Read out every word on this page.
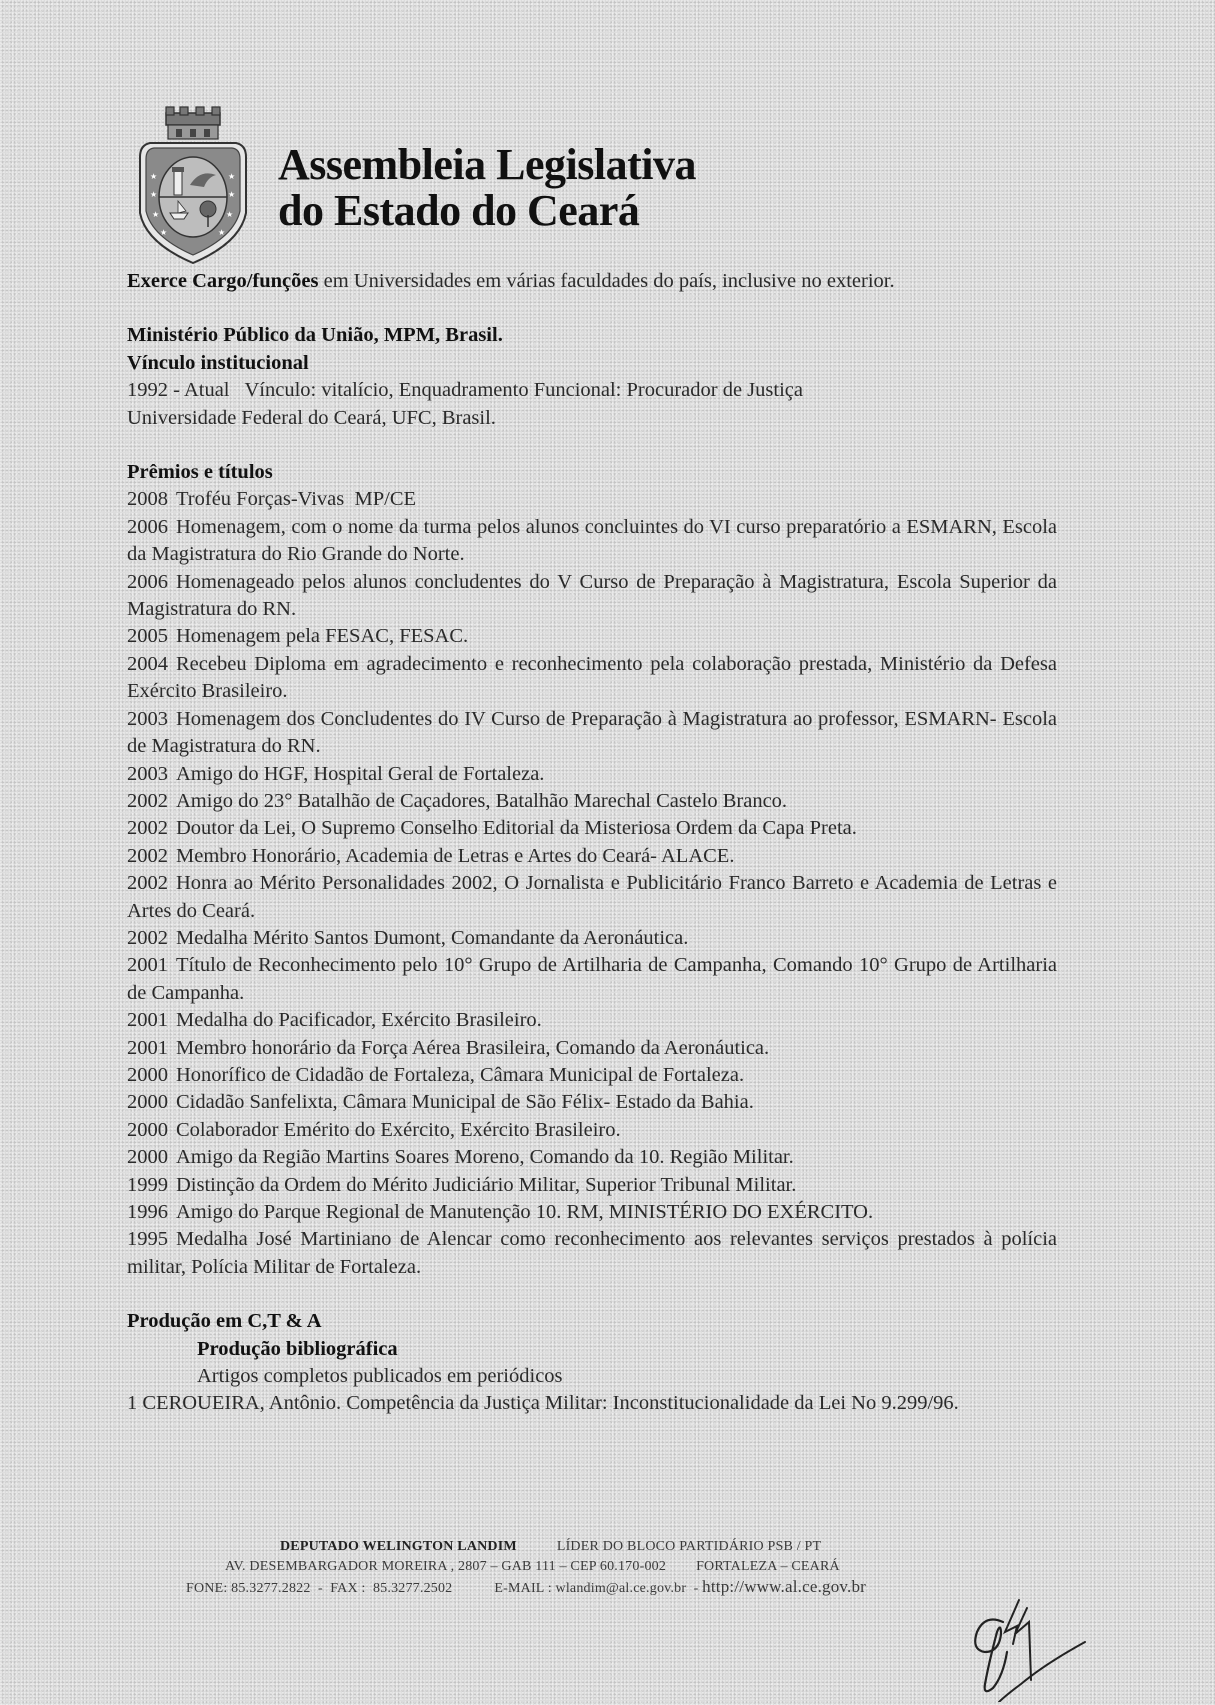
★
★
★
★
★
★
★
★
Assembleia Legislativa
do Estado do Ceará

Exerce Cargo/funções em Universidades em várias faculdades do país, inclusive no exterior.

Ministério Público da União, MPM, Brasil.

Vínculo institucional

1992 - Atual   Vínculo: vitalício, Enquadramento Funcional: Procurador de Justiça

Universidade Federal do Ceará, UFC, Brasil.

Prêmios e títulos

2008 Troféu Forças-Vivas  MP/CE

2006 Homenagem, com o nome da turma pelos alunos concluintes do VI curso preparatório a ESMARN, Escola da Magistratura do Rio Grande do Norte.

2006 Homenageado pelos alunos concludentes do V Curso de Preparação à Magistratura, Escola Superior da Magistratura do RN.

2005 Homenagem pela FESAC, FESAC.

2004 Recebeu Diploma em agradecimento e reconhecimento pela colaboração prestada, Ministério da Defesa Exército Brasileiro.

2003 Homenagem dos Concludentes do IV Curso de Preparação à Magistratura ao professor, ESMARN- Escola de Magistratura do RN.

2003 Amigo do HGF, Hospital Geral de Fortaleza.

2002 Amigo do 23° Batalhão de Caçadores, Batalhão Marechal Castelo Branco.

2002 Doutor da Lei, O Supremo Conselho Editorial da Misteriosa Ordem da Capa Preta.

2002 Membro Honorário, Academia de Letras e Artes do Ceará- ALACE.

2002 Honra ao Mérito Personalidades 2002, O Jornalista e Publicitário Franco Barreto e Academia de Letras e Artes do Ceará.

2002 Medalha Mérito Santos Dumont, Comandante da Aeronáutica.

2001 Título de Reconhecimento pelo 10° Grupo de Artilharia de Campanha, Comando 10° Grupo de Artilharia de Campanha.

2001 Medalha do Pacificador, Exército Brasileiro.

2001 Membro honorário da Força Aérea Brasileira, Comando da Aeronáutica.

2000 Honorífico de Cidadão de Fortaleza, Câmara Municipal de Fortaleza.

2000 Cidadão Sanfelixta, Câmara Municipal de São Félix- Estado da Bahia.

2000 Colaborador Emérito do Exército, Exército Brasileiro.

2000 Amigo da Região Martins Soares Moreno, Comando da 10. Região Militar.

1999 Distinção da Ordem do Mérito Judiciário Militar, Superior Tribunal Militar.

1996 Amigo do Parque Regional de Manutenção 10. RM, MINISTÉRIO DO EXÉRCITO.

1995 Medalha José Martiniano de Alencar como reconhecimento aos relevantes serviços prestados à polícia militar, Polícia Militar de Fortaleza.

Produção em C,T & A

Produção bibliográfica

Artigos completos publicados em periódicos

1 CEROUEIRA, Antônio. Competência da Justiça Militar: Inconstitucionalidade da Lei No 9.299/96.

DEPUTADO WELINGTON LANDIM	LÍDER DO BLOCO PARTIDÁRIO PSB / PT
AV. DESEMBARGADOR MOREIRA , 2807 – GAB 111 – CEP 60.170-002 FORTALEZA – CEARÁ
FONE: 85.3277.2822  -  FAX :  85.3277.2502	E-MAIL : wlandim@al.ce.gov.br  - http://www.al.ce.gov.br
